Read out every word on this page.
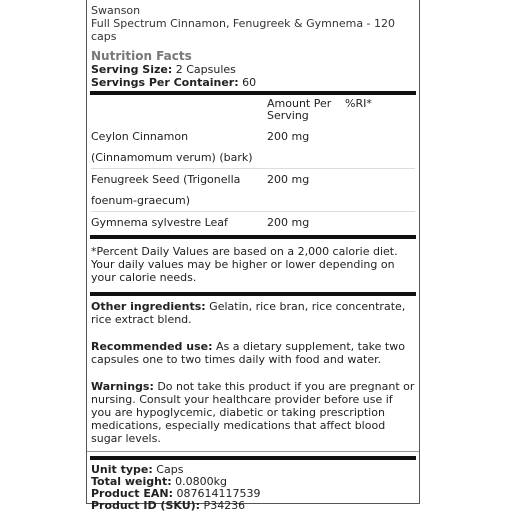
Swanson
Full Spectrum Cinnamon, Fenugreek & Gymnema - 120 caps
Nutrition Facts
Serving Size: 2 Capsules
Servings Per Container: 60
	Amount Per Serving	%RI*
Ceylon Cinnamon	200 mg	
(Cinnamomum verum) (bark)		
Fenugreek Seed (Trigonella foenum-graecum)	200 mg	
Gymnema sylvestre Leaf	200 mg	
*Percent Daily Values are based on a 2,000 calorie diet. Your daily values may be higher or lower depending on your calorie needs.
Other ingredients: Gelatin, rice bran, rice concentrate, rice extract blend.
Recommended use: As a dietary supplement, take two capsules one to two times daily with food and water.
Warnings: Do not take this product if you are pregnant or nursing. Consult your healthcare provider before use if you are hypoglycemic, diabetic or taking prescription medications, especially medications that affect blood sugar levels.
Unit type: Caps
Total weight: 0.0800kg
Product EAN: 087614117539
Product ID (SKU): P34236
